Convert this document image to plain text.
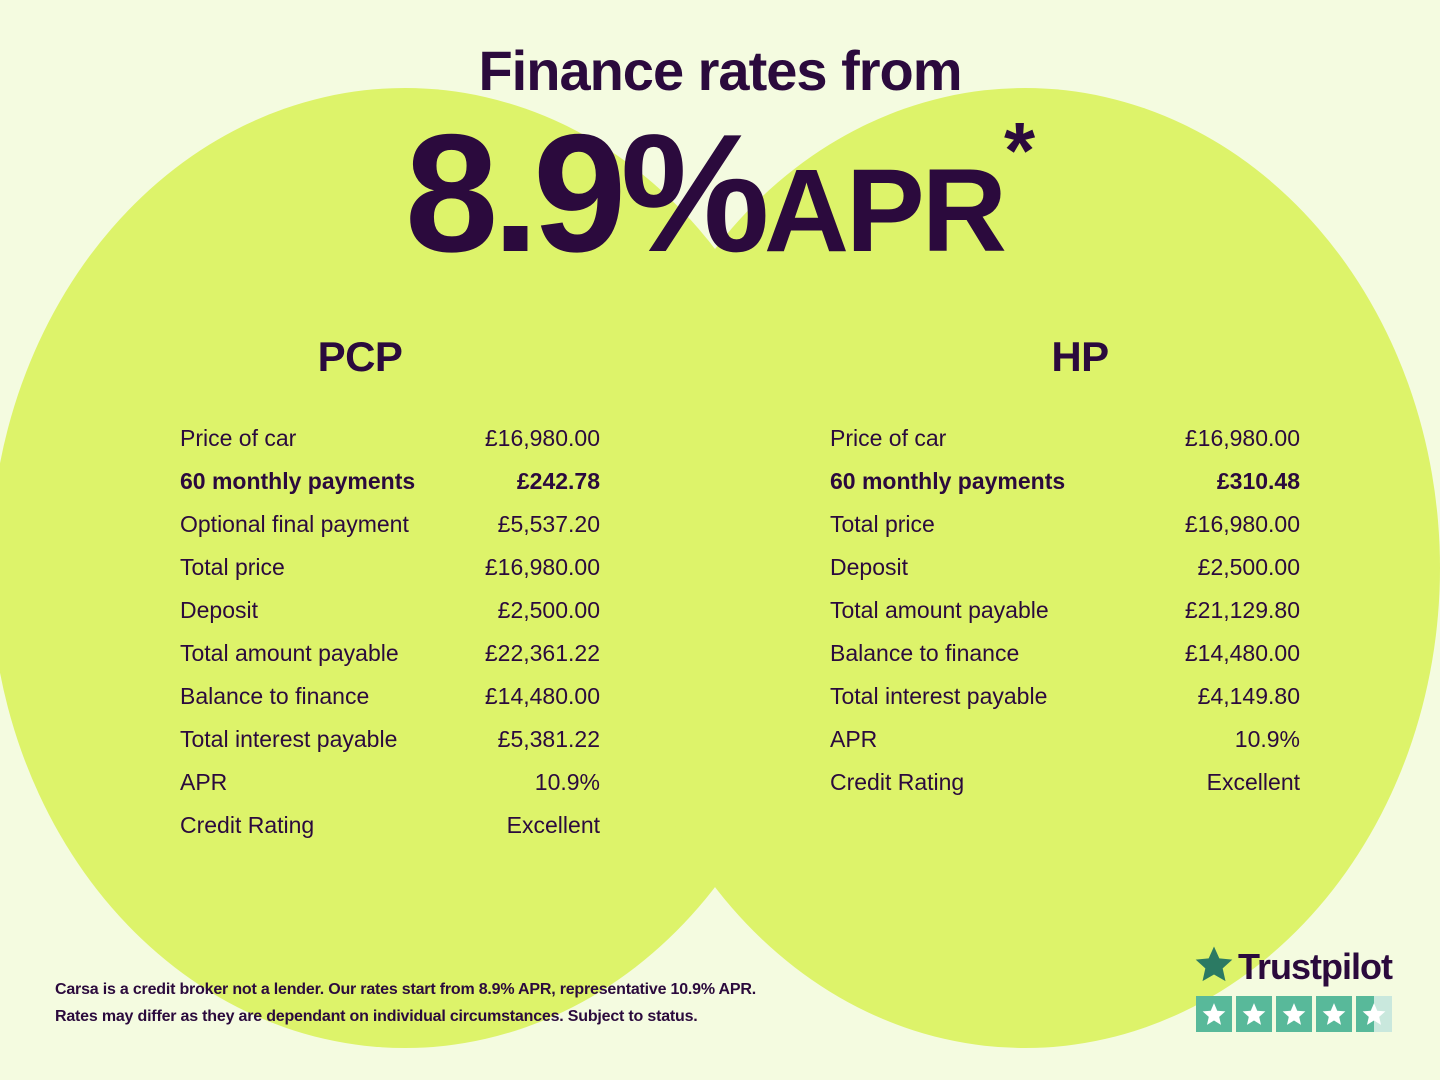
Finance rates from
8.9%APR*
PCP
Price of car	£16,980.00
60 monthly payments	£242.78
Optional final payment	£5,537.20
Total price	£16,980.00
Deposit	£2,500.00
Total amount payable	£22,361.22
Balance to finance	£14,480.00
Total interest payable	£5,381.22
APR	10.9%
Credit Rating	Excellent
HP
Price of car	£16,980.00
60 monthly payments	£310.48
Total price	£16,980.00
Deposit	£2,500.00
Total amount payable	£21,129.80
Balance to finance	£14,480.00
Total interest payable	£4,149.80
APR	10.9%
Credit Rating	Excellent
Carsa is a credit broker not a lender. Our rates start from 8.9% APR, representative 10.9% APR.
Rates may differ as they are dependant on individual circumstances. Subject to status.
Trustpilot
